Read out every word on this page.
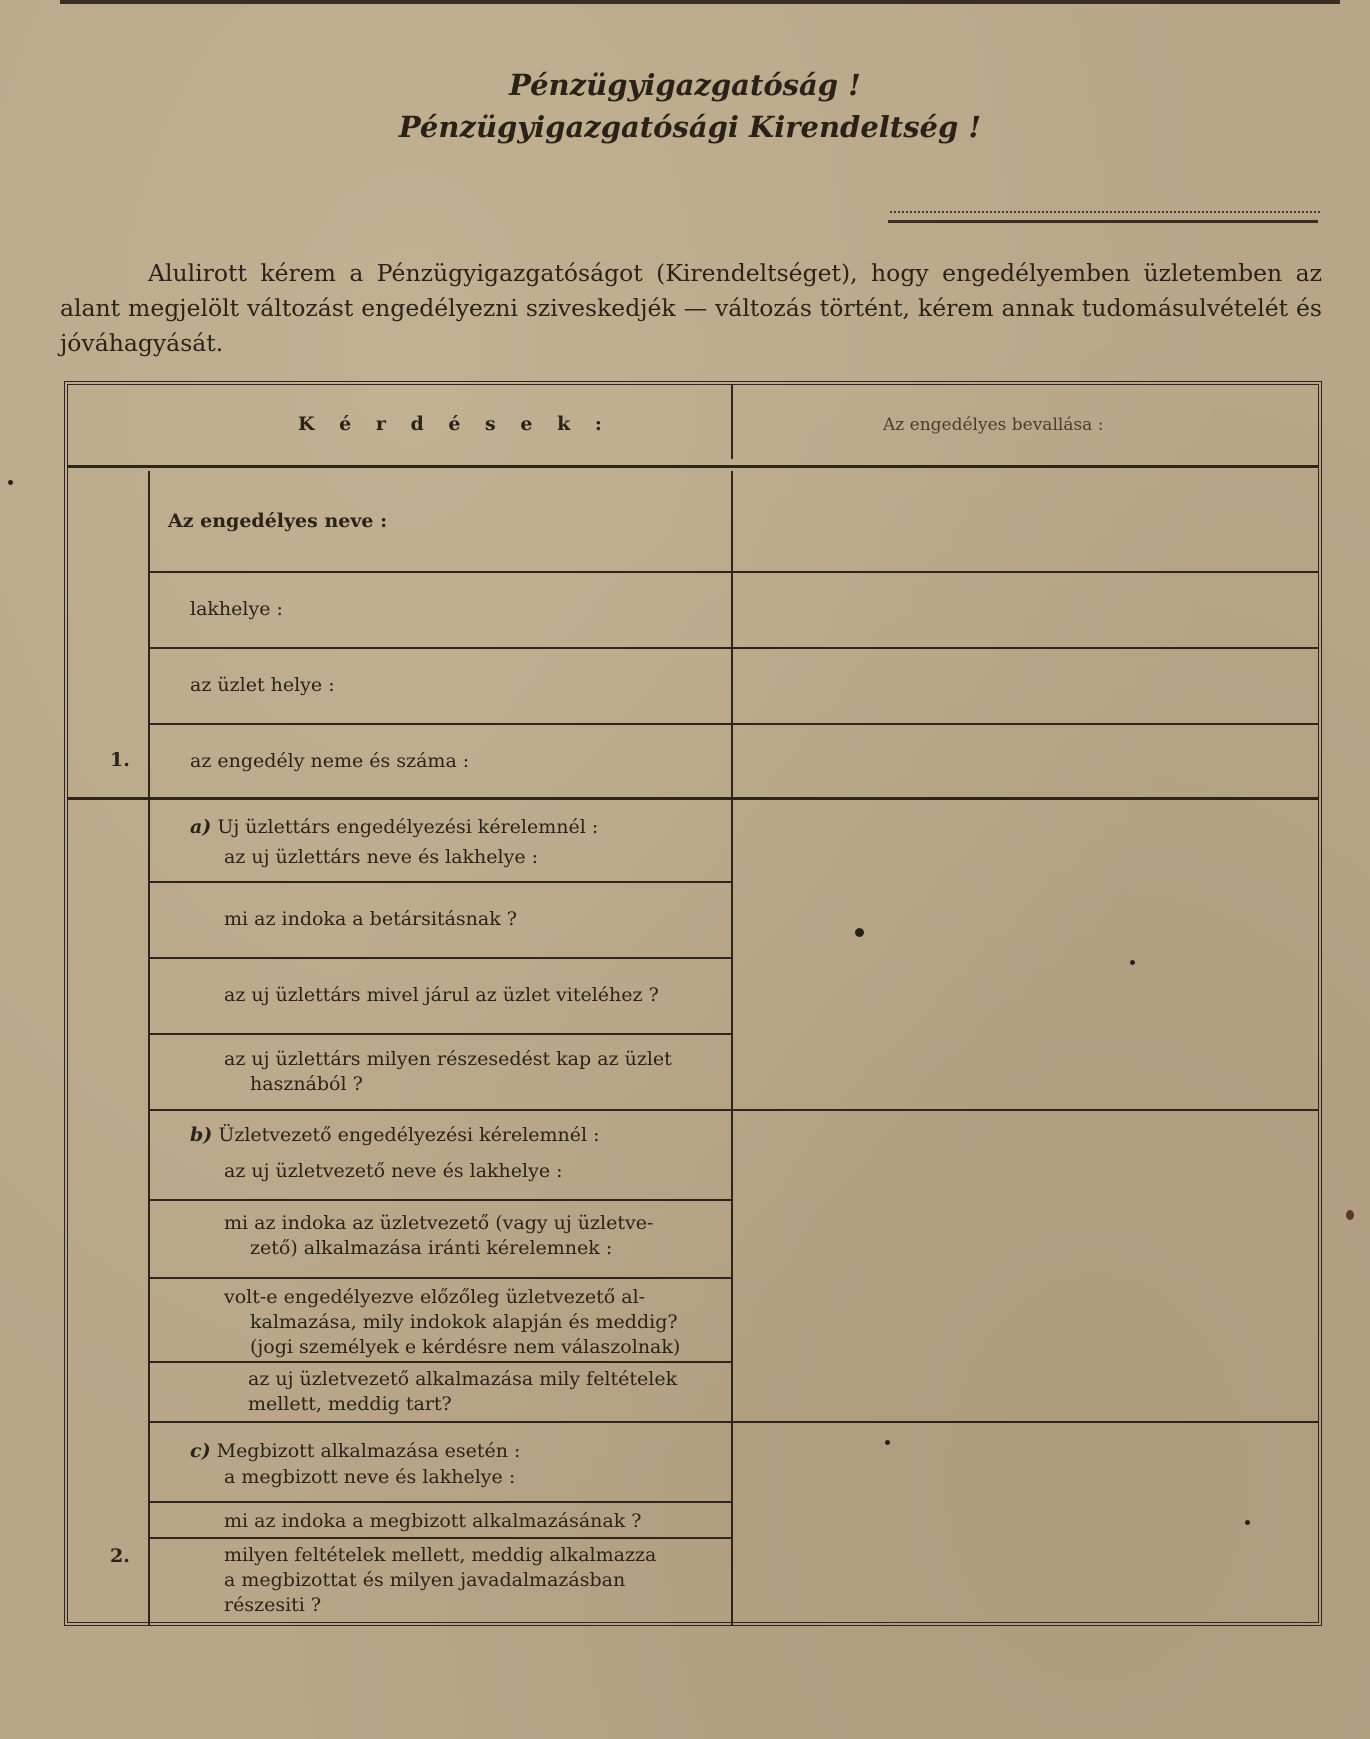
Pénzügyigazgatóság !
Pénzügyigazgatósági Kirendeltség !

Alulirott kérem a Pénzügyigazgatóságot (Kirendeltséget), hogy engedélyemben üzletemben az alant megjelölt változást engedélyezni sziveskedjék — változás történt, kérem annak tudomásulvételét és jóváhagyását.

K é r d é s e k :	Az engedélyes bevallása :
Az engedélyes neve :
lakhelye :
az üzlet helye :
1.	az engedély neme és száma :
a) Uj üzlettárs engedélyezési kérelemnél :
az uj üzlettárs neve és lakhelye :
mi az indoka a betársitásnak ?
az uj üzlettárs mivel járul az üzlet viteléhez ?
az uj üzlettárs milyen részesedést kap az üzlet
hasznából ?
b) Üzletvezető engedélyezési kérelemnél :
az uj üzletvezető neve és lakhelye :
mi az indoka az üzletvezető (vagy uj üzletve-
zető) alkalmazása iránti kérelemnek :
volt-e engedélyezve előzőleg üzletvezető al-
kalmazása, mily indokok alapján és meddig?
(jogi személyek e kérdésre nem válaszolnak)
az uj üzletvezető alkalmazása mily feltételek
mellett, meddig tart?
c) Megbizott alkalmazása esetén :
a megbizott neve és lakhelye :
mi az indoka a megbizott alkalmazásának ?
2.	milyen feltételek mellett, meddig alkalmazza
a megbizottat és milyen javadalmazásban
részesiti ?
